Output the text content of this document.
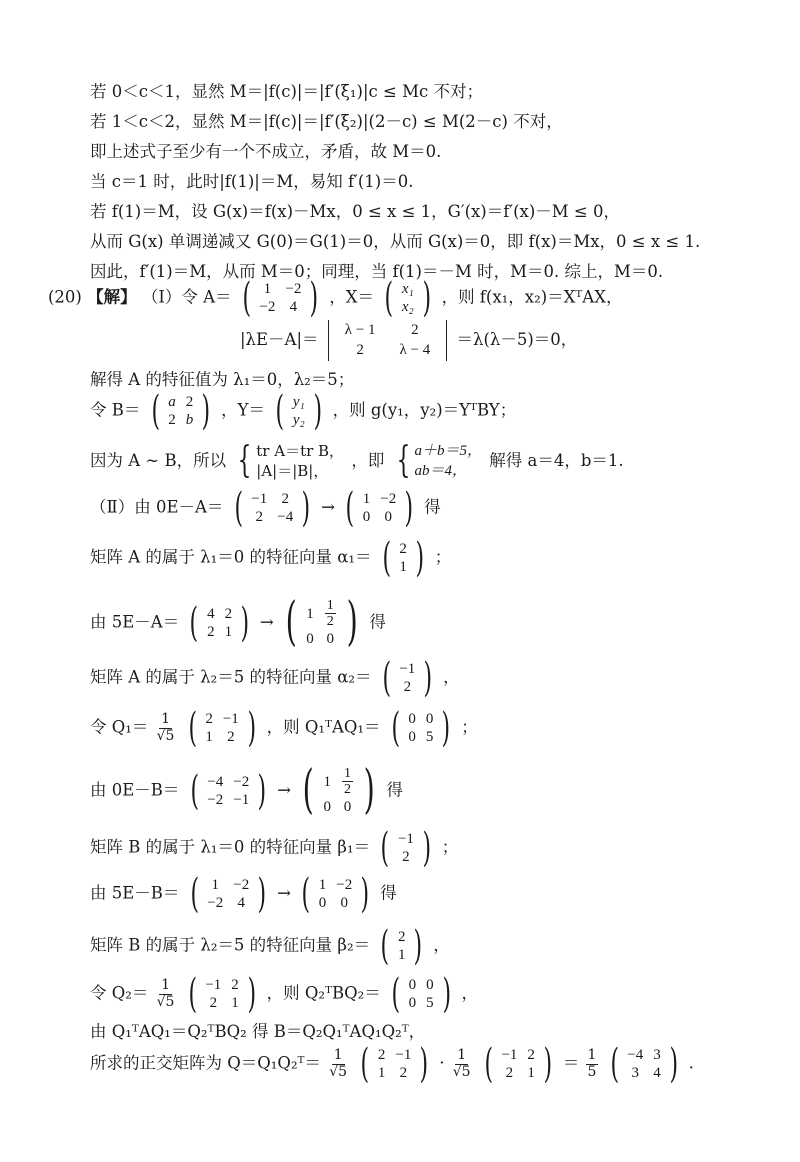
若 0＜c＜1，显然 M＝|f(c)|＝|f′(ξ₁)|c ≤ Mc 不对；
若 1＜c＜2，显然 M＝|f(c)|＝|f′(ξ₂)|(2－c) ≤ M(2－c) 不对，
即上述式子至少有一个不成立，矛盾，故 M＝0.
当 c＝1 时，此时|f(1)|＝M，易知 f′(1)＝0.
若 f(1)＝M，设 G(x)＝f(x)－Mx，0 ≤ x ≤ 1，G′(x)＝f′(x)－M ≤ 0，
从而 G(x) 单调递减又 G(0)＝G(1)＝0，从而 G(x)＝0，即 f(x)＝Mx，0 ≤ x ≤ 1.
因此，f′(1)＝M，从而 M＝0；同理，当 f(1)＝－M 时，M＝0. 综上，M＝0.
(20) 【解】 （Ⅰ）令 A＝ ( 1	−2
−2	4 ) ，X＝ ( x₁
x₂ ) ，则 f(x₁，x₂)＝XᵀAX，
|λE－A|＝ λ − 1	2
2	λ − 4
＝λ(λ－5)＝0，
解得 A 的特征值为 λ₁＝0，λ₂＝5；
令 B＝ ( a	2
2	b ) ，Y＝ ( y₁
y₂ ) ，则 g(y₁，y₂)＝YᵀBY；
因为 A ∼ B，所以 { tr A＝tr B，
|A|＝|B|，
，即 { a＋b＝5，
ab＝4，
解得 a＝4，b＝1.
（Ⅱ）由 0E－A＝ ( −1	2
2	−4 ) → ( 1	−2
0	0 ) 得
矩阵 A 的属于 λ₁＝0 的特征向量 α₁＝ ( 2
1 ) ；
由 5E－A＝ ( 4	2
2	1 ) → ( 1	$\frac{1}{2}$

0	0 ) 得
矩阵 A 的属于 λ₂＝5 的特征向量 α₂＝ ( −1
2 ) ，
令 $Q_1= \frac{1}{√5}$
( 2	−1
1	2 ) ，则 Q₁ᵀAQ₁＝ ( 0	0
0	5 ) ；
由 0E－B＝ ( −4	−2
−2	−1 ) → ( 1	$\frac{1}{2}$

0	0 ) 得
矩阵 B 的属于 λ₁＝0 的特征向量 β₁＝ ( −1
2 ) ；
由 5E－B＝ ( 1	−2
−2	4 ) → ( 1	−2
0	0 ) 得
矩阵 B 的属于 λ₂＝5 的特征向量 β₂＝ ( 2
1 ) ，
令 $Q_2= \frac{1}{√5}$
( −1	2
2	1 ) ，则 Q₂ᵀBQ₂＝ ( 0	0
0	5 ) ，
由 Q₁ᵀAQ₁＝Q₂ᵀBQ₂ 得 B＝Q₂Q₁ᵀAQ₁Q₂ᵀ，
所求的正交矩阵为 Q＝Q₁Q₂ᵀ＝ $\frac{1}{√5}$
( 2	−1
1	2 ) · $\frac{1}{√5}$
( −1	2
2	1 ) ＝ $\frac{1}{5}$
( −4	3
3	4 ) .
